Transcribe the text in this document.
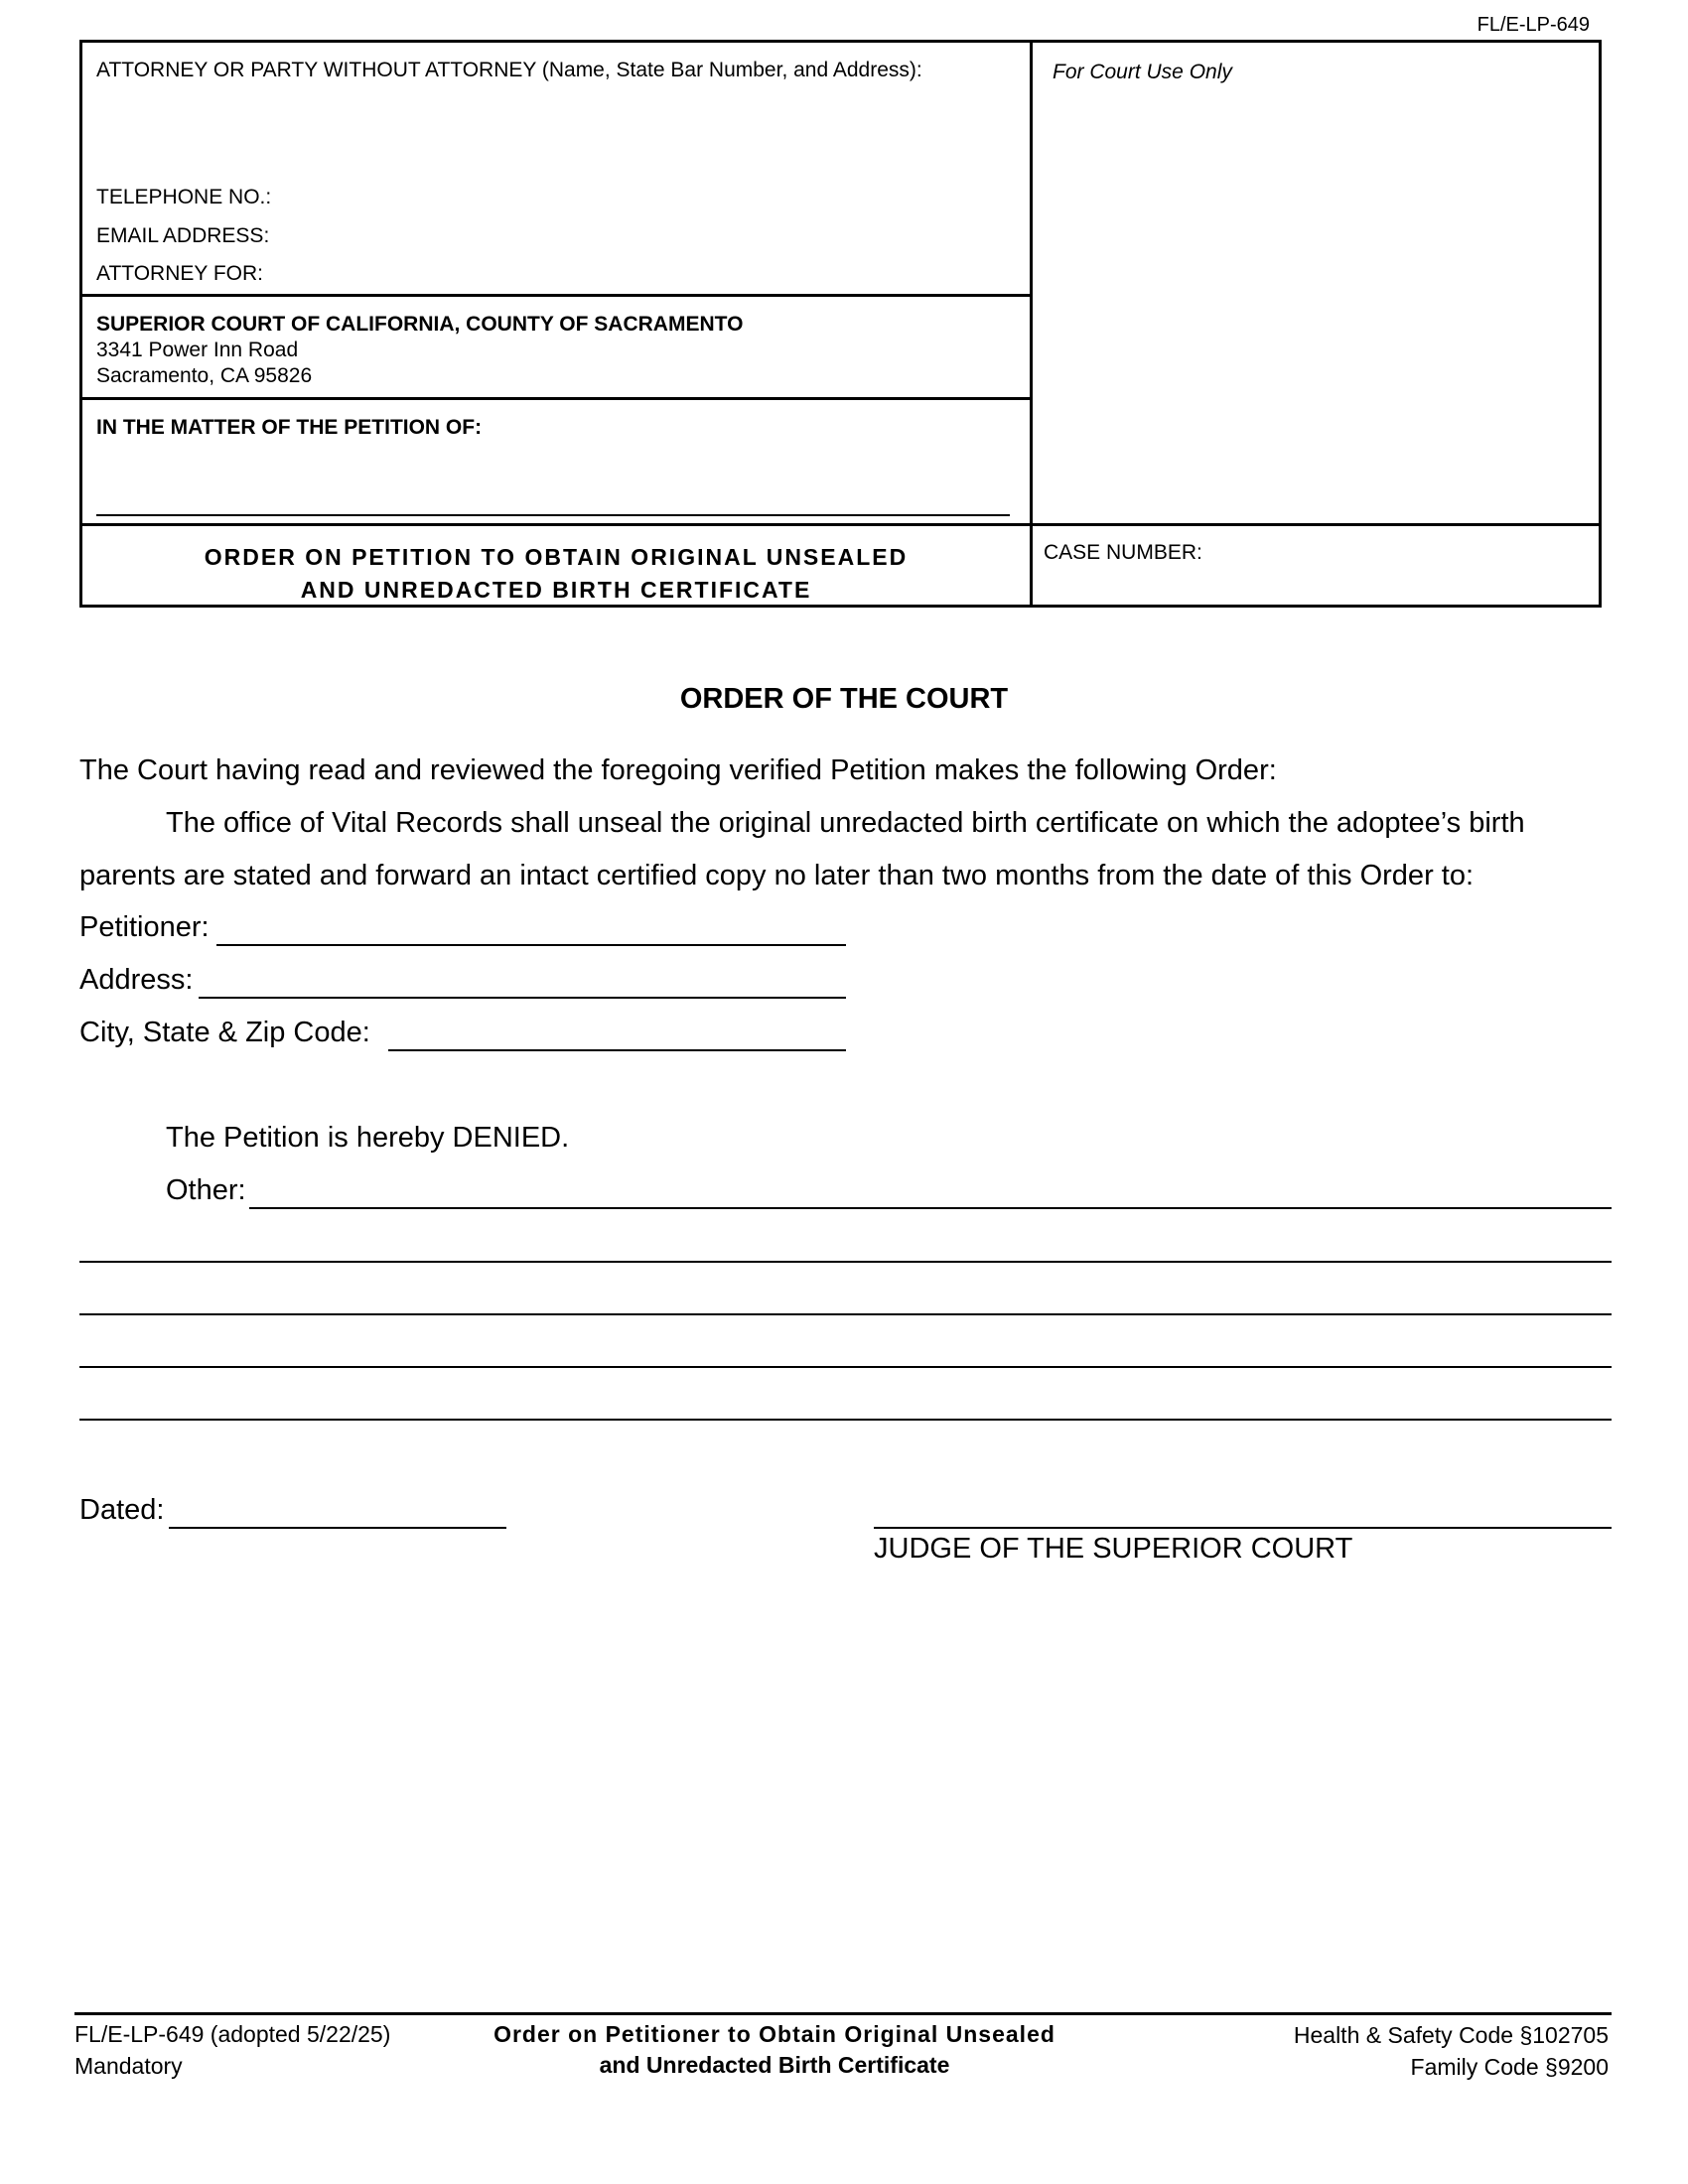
FL/E-LP-649
ATTORNEY OR PARTY WITHOUT ATTORNEY (Name, State Bar Number, and Address):	For Court Use Only
TELEPHONE NO.:
EMAIL ADDRESS:
ATTORNEY FOR:
SUPERIOR COURT OF CALIFORNIA, COUNTY OF SACRAMENTO
3341 Power Inn Road
Sacramento, CA 95826
IN THE MATTER OF THE PETITION OF:
ORDER ON PETITION TO OBTAIN ORIGINAL UNSEALED
AND UNREDACTED BIRTH CERTIFICATE
CASE NUMBER:
ORDER OF THE COURT
The Court having read and reviewed the foregoing verified Petition makes the following Order:
The office of Vital Records shall unseal the original unredacted birth certificate on which the adoptee’s birth
parents are stated and forward an intact certified copy no later than two months from the date of this Order to:
Petitioner:
Address:
City, State & Zip Code:
The Petition is hereby DENIED.
Other:
Dated:
JUDGE OF THE SUPERIOR COURT
FL/E-LP-649 (adopted 5/22/25)
Mandatory
Order on Petitioner to Obtain Original Unsealed
and Unredacted Birth Certificate
Health & Safety Code §102705
Family Code §9200
